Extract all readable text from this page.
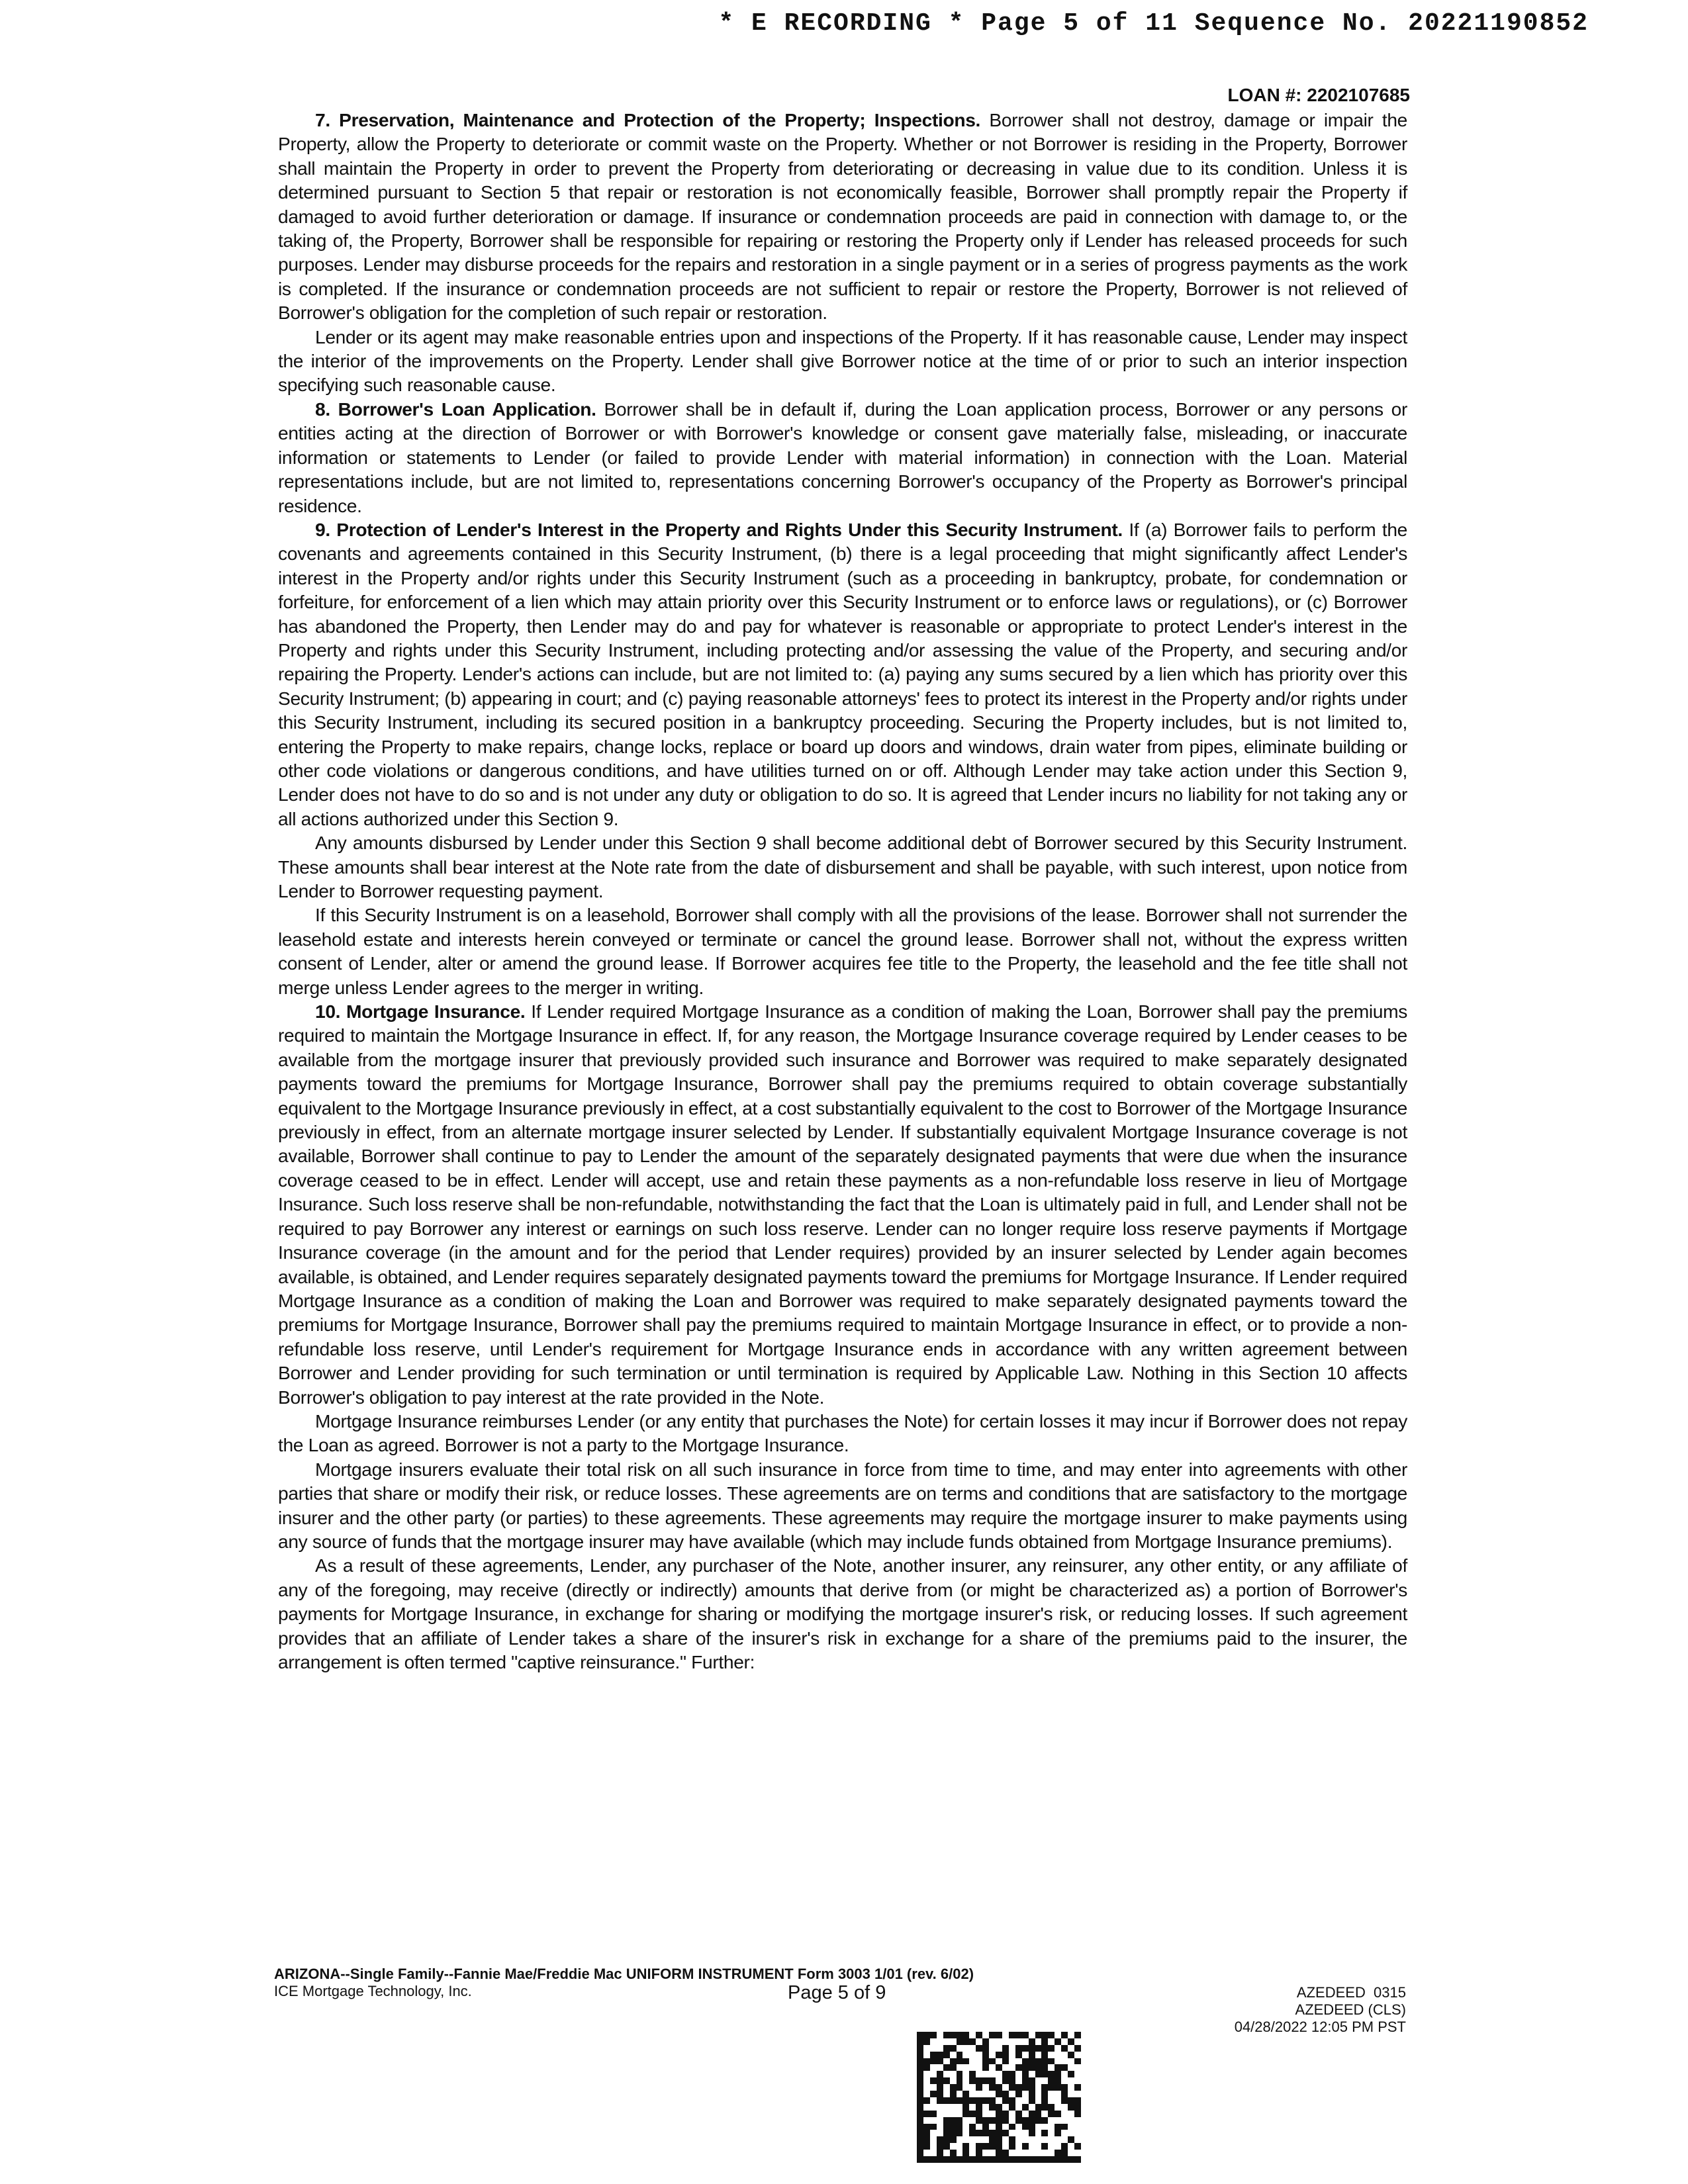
* E RECORDING * Page 5 of 11 Sequence No. 20221190852
LOAN #: 2202107685

7. Preservation, Maintenance and Protection of the Property; Inspections. Borrower shall not destroy, damage or impair the Property, allow the Property to deteriorate or commit waste on the Property. Whether or not Borrower is residing in the Property, Borrower shall maintain the Property in order to prevent the Property from deteriorating or decreasing in value due to its condition. Unless it is determined pursuant to Section 5 that repair or restoration is not economically feasible, Borrower shall promptly repair the Property if damaged to avoid further deterioration or damage. If insurance or condemnation proceeds are paid in connection with damage to, or the taking of, the Property, Borrower shall be responsible for repairing or restoring the Property only if Lender has released proceeds for such purposes. Lender may disburse proceeds for the repairs and restoration in a single payment or in a series of progress payments as the work is completed. If the insurance or condemnation proceeds are not sufficient to repair or restore the Property, Borrower is not relieved of Borrower's obligation for the completion of such repair or restoration.

Lender or its agent may make reasonable entries upon and inspections of the Property. If it has reasonable cause, Lender may inspect the interior of the improvements on the Property. Lender shall give Borrower notice at the time of or prior to such an interior inspection specifying such reasonable cause.

8. Borrower's Loan Application. Borrower shall be in default if, during the Loan application process, Borrower or any persons or entities acting at the direction of Borrower or with Borrower's knowledge or consent gave materially false, misleading, or inaccurate information or statements to Lender (or failed to provide Lender with material information) in connection with the Loan. Material representations include, but are not limited to, representations concerning Borrower's occupancy of the Property as Borrower's principal residence.

9. Protection of Lender's Interest in the Property and Rights Under this Security Instrument. If (a) Borrower fails to perform the covenants and agreements contained in this Security Instrument, (b) there is a legal proceeding that might significantly affect Lender's interest in the Property and/or rights under this Security Instrument (such as a proceeding in bankruptcy, probate, for condemnation or forfeiture, for enforcement of a lien which may attain priority over this Security Instrument or to enforce laws or regulations), or (c) Borrower has abandoned the Property, then Lender may do and pay for whatever is reasonable or appropriate to protect Lender's interest in the Property and rights under this Security Instrument, including protecting and/or assessing the value of the Property, and securing and/or repairing the Property. Lender's actions can include, but are not limited to: (a) paying any sums secured by a lien which has priority over this Security Instrument; (b) appearing in court; and (c) paying reasonable attorneys' fees to protect its interest in the Property and/or rights under this Security Instrument, including its secured position in a bankruptcy proceeding. Securing the Property includes, but is not limited to, entering the Property to make repairs, change locks, replace or board up doors and windows, drain water from pipes, eliminate building or other code violations or dangerous conditions, and have utilities turned on or off. Although Lender may take action under this Section 9, Lender does not have to do so and is not under any duty or obligation to do so. It is agreed that Lender incurs no liability for not taking any or all actions authorized under this Section 9.

Any amounts disbursed by Lender under this Section 9 shall become additional debt of Borrower secured by this Security Instrument. These amounts shall bear interest at the Note rate from the date of disbursement and shall be payable, with such interest, upon notice from Lender to Borrower requesting payment.

If this Security Instrument is on a leasehold, Borrower shall comply with all the provisions of the lease. Borrower shall not surrender the leasehold estate and interests herein conveyed or terminate or cancel the ground lease. Borrower shall not, without the express written consent of Lender, alter or amend the ground lease. If Borrower acquires fee title to the Property, the leasehold and the fee title shall not merge unless Lender agrees to the merger in writing.

10. Mortgage Insurance. If Lender required Mortgage Insurance as a condition of making the Loan, Borrower shall pay the premiums required to maintain the Mortgage Insurance in effect. If, for any reason, the Mortgage Insurance coverage required by Lender ceases to be available from the mortgage insurer that previously provided such insurance and Borrower was required to make separately designated payments toward the premiums for Mortgage Insurance, Borrower shall pay the premiums required to obtain coverage substantially equivalent to the Mortgage Insurance previously in effect, at a cost substantially equivalent to the cost to Borrower of the Mortgage Insurance previously in effect, from an alternate mortgage insurer selected by Lender. If substantially equivalent Mortgage Insurance coverage is not available, Borrower shall continue to pay to Lender the amount of the separately designated payments that were due when the insurance coverage ceased to be in effect. Lender will accept, use and retain these payments as a non-refundable loss reserve in lieu of Mortgage Insurance. Such loss reserve shall be non-refundable, notwithstanding the fact that the Loan is ultimately paid in full, and Lender shall not be required to pay Borrower any interest or earnings on such loss reserve. Lender can no longer require loss reserve payments if Mortgage Insurance coverage (in the amount and for the period that Lender requires) provided by an insurer selected by Lender again becomes available, is obtained, and Lender requires separately designated payments toward the premiums for Mortgage Insurance. If Lender required Mortgage Insurance as a condition of making the Loan and Borrower was required to make separately designated payments toward the premiums for Mortgage Insurance, Borrower shall pay the premiums required to maintain Mortgage Insurance in effect, or to provide a non-refundable loss reserve, until Lender's requirement for Mortgage Insurance ends in accordance with any written agreement between Borrower and Lender providing for such termination or until termination is required by Applicable Law. Nothing in this Section 10 affects Borrower's obligation to pay interest at the rate provided in the Note.

Mortgage Insurance reimburses Lender (or any entity that purchases the Note) for certain losses it may incur if Borrower does not repay the Loan as agreed. Borrower is not a party to the Mortgage Insurance.

Mortgage insurers evaluate their total risk on all such insurance in force from time to time, and may enter into agreements with other parties that share or modify their risk, or reduce losses. These agreements are on terms and conditions that are satisfactory to the mortgage insurer and the other party (or parties) to these agreements. These agreements may require the mortgage insurer to make payments using any source of funds that the mortgage insurer may have available (which may include funds obtained from Mortgage Insurance premiums).

As a result of these agreements, Lender, any purchaser of the Note, another insurer, any reinsurer, any other entity, or any affiliate of any of the foregoing, may receive (directly or indirectly) amounts that derive from (or might be characterized as) a portion of Borrower's payments for Mortgage Insurance, in exchange for sharing or modifying the mortgage insurer's risk, or reducing losses. If such agreement provides that an affiliate of Lender takes a share of the insurer's risk in exchange for a share of the premiums paid to the insurer, the arrangement is often termed "captive reinsurance." Further:

ARIZONA--Single Family--Fannie Mae/Freddie Mac UNIFORM INSTRUMENT Form 3003 1/01 (rev. 6/02)
ICE Mortgage Technology, Inc.	Page 5 of 9	AZEDEED  0315
AZEDEED (CLS)
04/28/2022 12:05 PM PST
